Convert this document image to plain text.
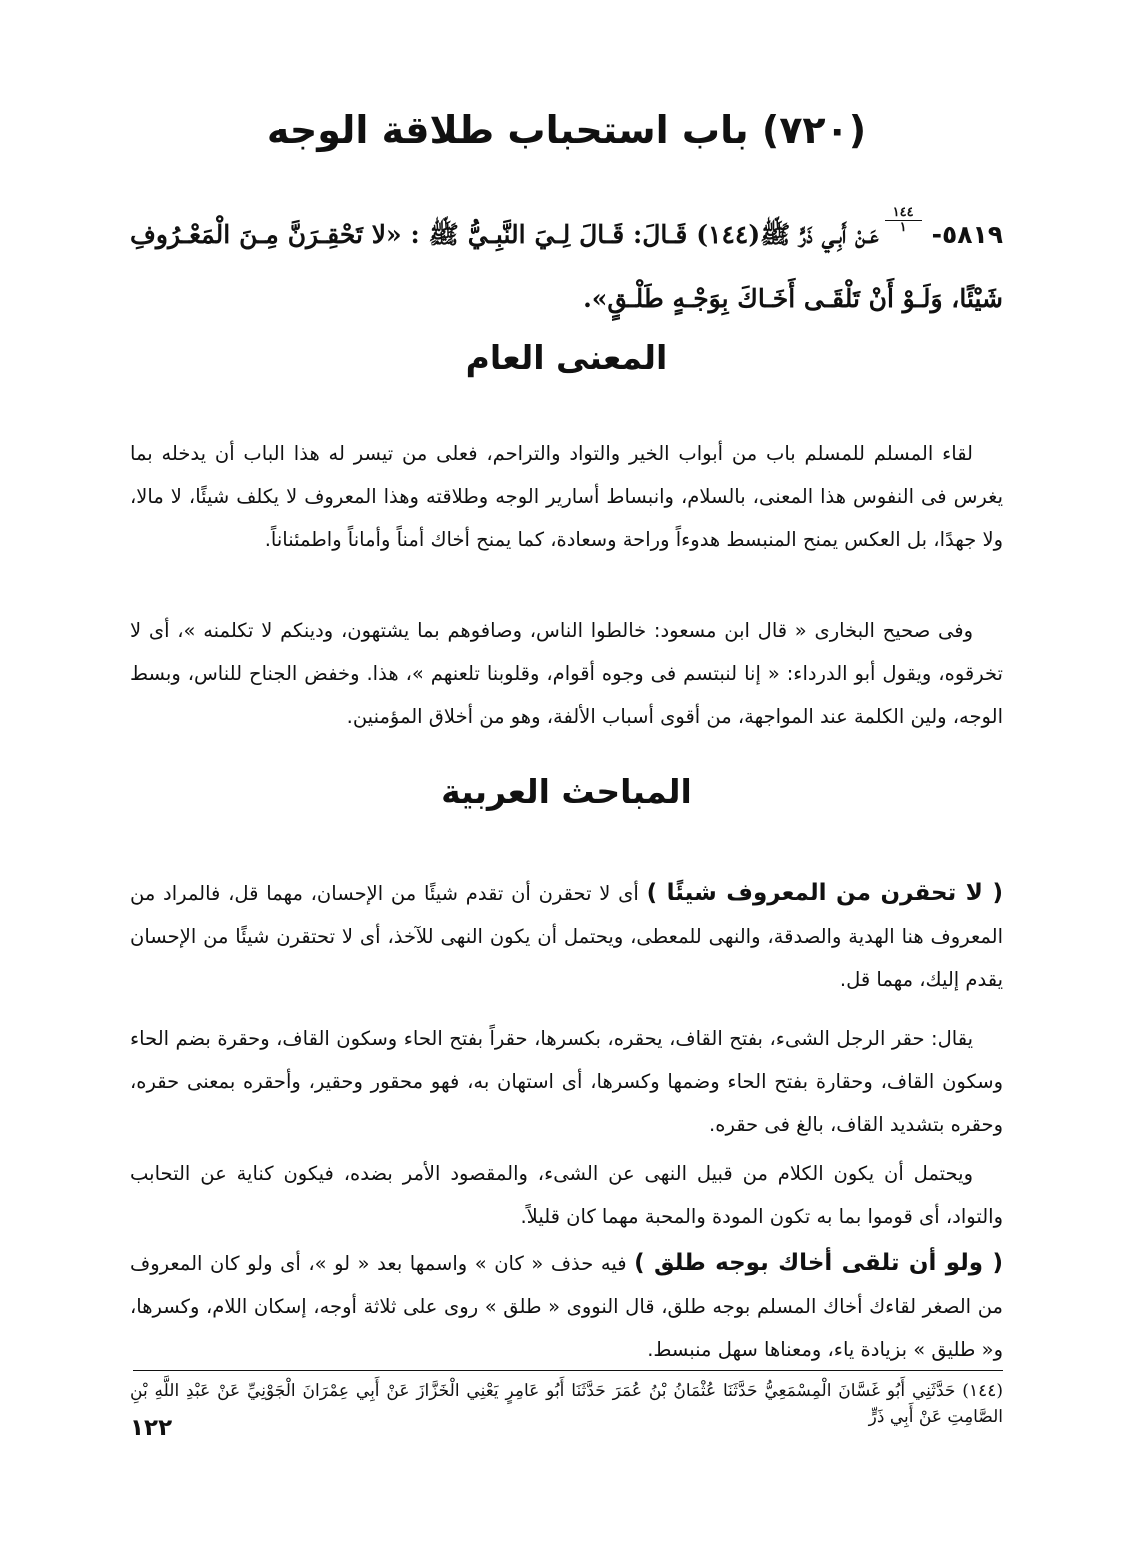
(٧٢٠) باب استحباب طلاقة الوجه
٥٨١٩-
١٤٤
١
عَـنْ أَبِـي ذَرٍّ ﷺ(١٤٤) قَـالَ: قَـالَ لِـيَ النَّبِـيُّ ﷺ : «لا تَحْقِـرَنَّ مِـنَ الْمَعْـرُوفِ شَيْئًا، وَلَـوْ أَنْ تَلْقَـى أَخَـاكَ بِوَجْـهٍ طَلْـقٍ».
المعنى العام

لقاء المسلم للمسلم باب من أبواب الخير والتواد والتراحم، فعلى من تيسر له هذا الباب أن يدخله بما يغرس فى النفوس هذا المعنى، بالسلام، وانبساط أسارير الوجه وطلاقته وهذا المعروف لا يكلف شيئًا، لا مالا، ولا جهدًا، بل العكس يمنح المنبسط هدوءاً وراحة وسعادة، كما يمنح أخاك أمناً وأماناً واطمئناناً.

وفى صحيح البخارى « قال ابن مسعود: خالطوا الناس، وصافوهم بما يشتهون، ودينكم لا تكلمنه »، أى لا تخرقوه، ويقول أبو الدرداء: « إنا لنبتسم فى وجوه أقوام، وقلوبنا تلعنهم »، هذا. وخفض الجناح للناس، وبسط الوجه، ولين الكلمة عند المواجهة، من أقوى أسباب الألفة، وهو من أخلاق المؤمنين.

المباحث العربية

( لا تحقرن من المعروف شيئًا ) أى لا تحقرن أن تقدم شيئًا من الإحسان، مهما قل، فالمراد من المعروف هنا الهدية والصدقة، والنهى للمعطى، ويحتمل أن يكون النهى للآخذ، أى لا تحتقرن شيئًا من الإحسان يقدم إليك، مهما قل.

يقال: حقر الرجل الشىء، بفتح القاف، يحقره، بكسرها، حقراً بفتح الحاء وسكون القاف، وحقرة بضم الحاء وسكون القاف، وحقارة بفتح الحاء وضمها وكسرها، أى استهان به، فهو محقور وحقير، وأحقره بمعنى حقره، وحقره بتشديد القاف، بالغ فى حقره.

ويحتمل أن يكون الكلام من قبيل النهى عن الشىء، والمقصود الأمر بضده، فيكون كناية عن التحابب والتواد، أى قوموا بما به تكون المودة والمحبة مهما كان قليلاً.

( ولو أن تلقى أخاك بوجه طلق ) فيه حذف « كان » واسمها بعد « لو »، أى ولو كان المعروف من الصغر لقاءك أخاك المسلم بوجه طلق، قال النووى « طلق » روى على ثلاثة أوجه، إسكان اللام، وكسرها، و« طليق » بزيادة ياء، ومعناها سهل منبسط.

(١٤٤) حَدَّثَنِي أَبُو غَسَّانَ الْمِسْمَعِيُّ حَدَّثَنَا عُثْمَانُ بْنُ عُمَرَ حَدَّثَنَا أَبُو عَامِرٍ يَعْنِي الْخَزَّازَ عَنْ أَبِي عِمْرَانَ الْجَوْنِيِّ عَنْ عَبْدِ اللَّهِ بْنِ الصَّامِتِ عَنْ أَبِي ذَرٍّ
١٢٢
